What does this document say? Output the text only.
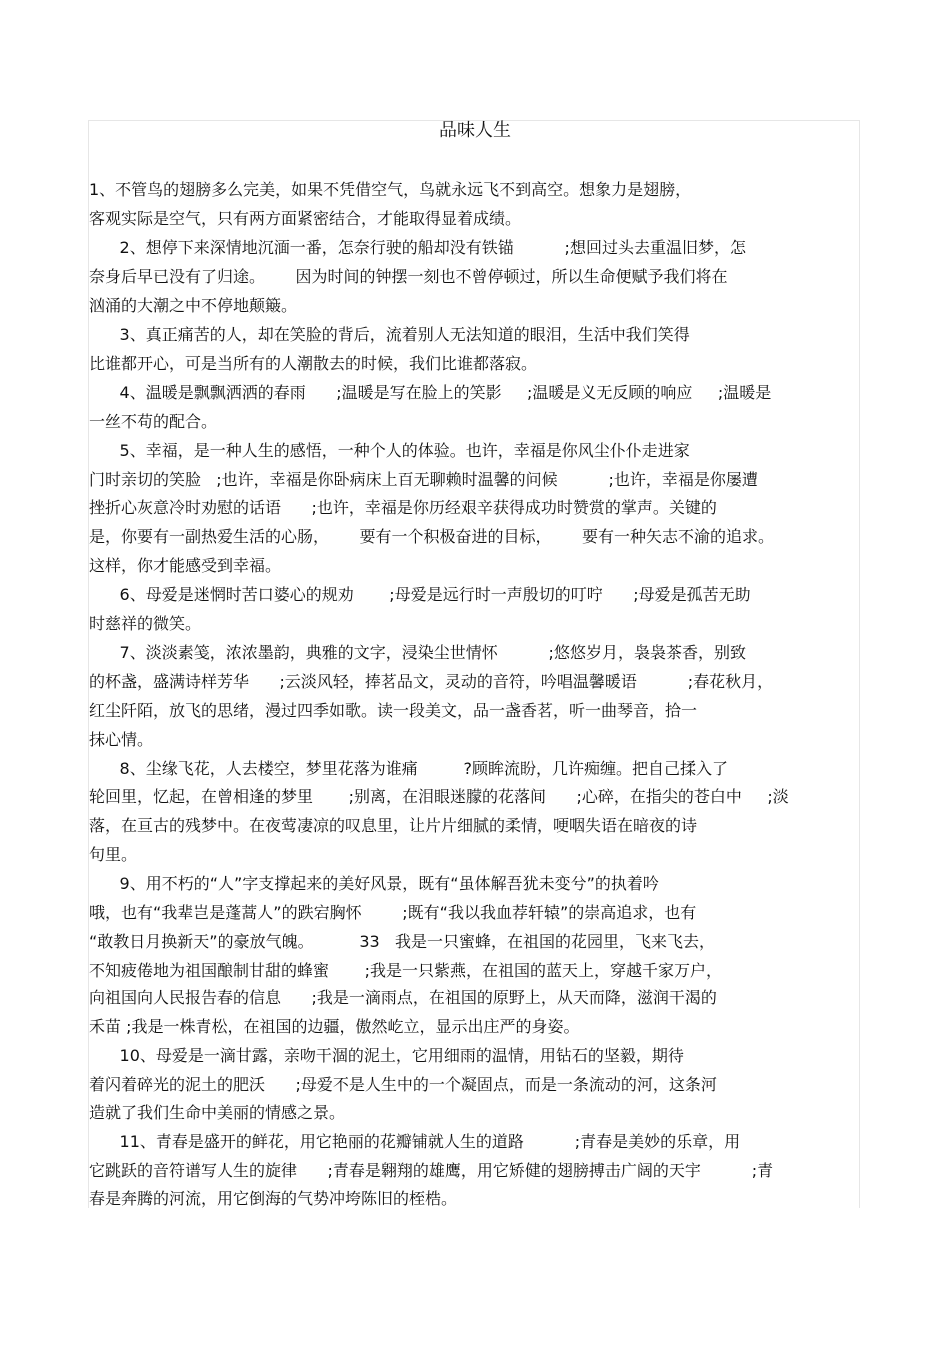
品味人生
1、不管鸟的翅膀多么完美，如果不凭借空气，鸟就永远飞不到高空。想象力是翅膀，
客观实际是空气，只有两方面紧密结合，才能取得显着成绩。
2、想停下来深情地沉湎一番，怎奈行驶的船却没有铁锚          ;想回过头去重温旧梦，怎
奈身后早已没有了归途。      因为时间的钟摆一刻也不曾停顿过，所以生命便赋予我们将在
汹涌的大潮之中不停地颠簸。
3、真正痛苦的人，却在笑脸的背后，流着别人无法知道的眼泪，生活中我们笑得
比谁都开心，可是当所有的人潮散去的时候，我们比谁都落寂。
4、温暖是飘飘洒洒的春雨      ;温暖是写在脸上的笑影     ;温暖是义无反顾的响应     ;温暖是
一丝不苟的配合。
5、幸福，是一种人生的感悟，一种个人的体验。也许，幸福是你风尘仆仆走进家
门时亲切的笑脸   ;也许，幸福是你卧病床上百无聊赖时温馨的问候          ;也许，幸福是你屡遭
挫折心灰意冷时劝慰的话语      ;也许，幸福是你历经艰辛获得成功时赞赏的掌声。关键的
是，你要有一副热爱生活的心肠，      要有一个积极奋进的目标，      要有一种矢志不渝的追求。
这样，你才能感受到幸福。
6、母爱是迷惘时苦口婆心的规劝       ;母爱是远行时一声殷切的叮咛      ;母爱是孤苦无助
时慈祥的微笑。
7、淡淡素笺，浓浓墨韵，典雅的文字，浸染尘世情怀          ;悠悠岁月，袅袅茶香，别致
的杯盏，盛满诗样芳华      ;云淡风轻，捧茗品文，灵动的音符，吟唱温馨暖语          ;春花秋月，
红尘阡陌，放飞的思绪，漫过四季如歌。读一段美文，品一盏香茗，听一曲琴音，拾一
抹心情。
8、尘缘飞花，人去楼空，梦里花落为谁痛         ?顾眸流盼，几许痴缠。把自己揉入了
轮回里，忆起，在曾相逢的梦里       ;别离，在泪眼迷朦的花落间      ;心碎，在指尖的苍白中     ;淡
落，在亘古的残梦中。在夜莺凄凉的叹息里，让片片细腻的柔情，哽咽失语在暗夜的诗
句里。
9、用不朽的“人”字支撑起来的美好风景，既有“虽体解吾犹未变兮”的执着吟
哦，也有“我辈岂是蓬蒿人”的跌宕胸怀        ;既有“我以我血荐轩辕”的崇高追求，也有
“敢教日月换新天”的豪放气魄。         33   我是一只蜜蜂，在祖国的花园里，飞来飞去，
不知疲倦地为祖国酿制甘甜的蜂蜜       ;我是一只紫燕，在祖国的蓝天上，穿越千家万户，
向祖国向人民报告春的信息      ;我是一滴雨点，在祖国的原野上，从天而降，滋润干渴的
禾苗 ;我是一株青松，在祖国的边疆，傲然屹立，显示出庄严的身姿。
10、母爱是一滴甘露，亲吻干涸的泥土，它用细雨的温情，用钻石的坚毅，期待
着闪着碎光的泥土的肥沃      ;母爱不是人生中的一个凝固点，而是一条流动的河，这条河
造就了我们生命中美丽的情感之景。
11、青春是盛开的鲜花，用它艳丽的花瓣铺就人生的道路          ;青春是美妙的乐章，用
它跳跃的音符谱写人生的旋律      ;青春是翱翔的雄鹰，用它矫健的翅膀搏击广阔的天宇          ;青
春是奔腾的河流，用它倒海的气势冲垮陈旧的桎梏。
